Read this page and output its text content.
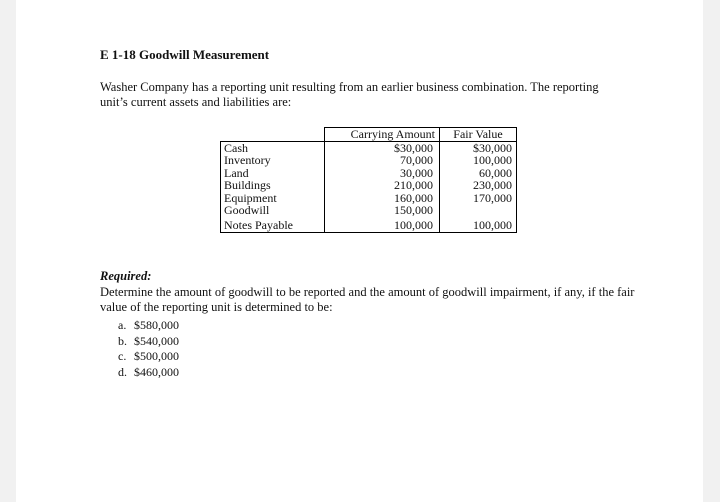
E 1-18 Goodwill Measurement
Washer Company has a reporting unit resulting from an earlier business combination. The reporting unit’s current assets and liabilities are:
	Carrying Amount	Fair Value
Cash	$30,000	$30,000
Inventory	70,000	100,000
Land	30,000	60,000
Buildings	210,000	230,000
Equipment	160,000	170,000
Goodwill	150,000	
Notes Payable	100,000	100,000
Required:
Determine the amount of goodwill to be reported and the amount of goodwill impairment, if any, if the fair value of the reporting unit is determined to be:
a. $580,000
b. $540,000
c. $500,000
d. $460,000
